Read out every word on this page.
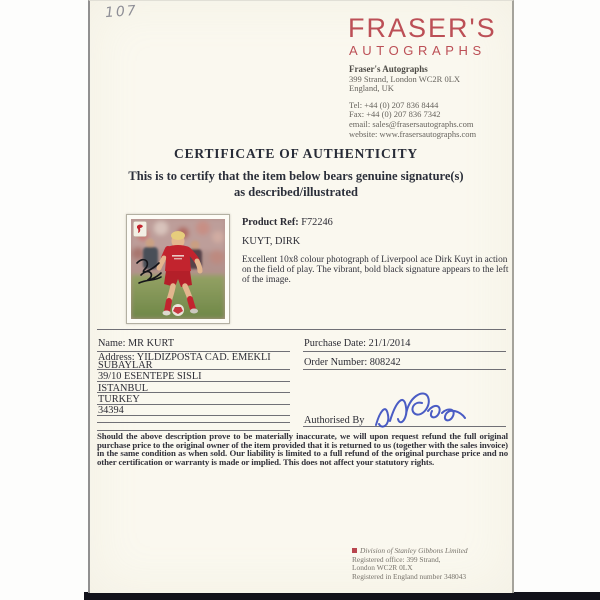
107
FRASER'S
AUTOGRAPHS

Fraser's Autographs

399 Strand, London WC2R 0LX

England, UK

Tel: +44 (0) 207 836 8444

Fax: +44 (0) 207 836 7342

email: sales@frasersautographs.com

website: www.frasersautographs.com

CERTIFICATE OF AUTHENTICITY
This is to certify that the item below bears genuine signature(s)
as described/illustrated
Product Ref: F72246
KUYT, DIRK
Excellent 10x8 colour photograph of Liverpool ace Dirk Kuyt in action on the field of play. The vibrant, bold black signature appears to the left of the image.
Name: MR KURT
Address: YILDIZPOSTA CAD. EMEKLI
SUBAYLAR
39/10 ESENTEPE SISLI
ISTANBUL
TURKEY
34394
Purchase Date: 21/1/2014
Order Number: 808242
Authorised By
Should the above description prove to be materially inaccurate, we will upon request refund the full original purchase price to the original owner of the item provided that it is returned to us (together with the sales invoice) in the same condition as when sold. Our liability is limited to a full refund of the original purchase price and no other certification or warranty is made or implied. This does not affect your statutory rights.

Division of Stanley Gibbons Limited

Registered office: 399 Strand,

London WC2R 0LX

Registered in England number 348043
